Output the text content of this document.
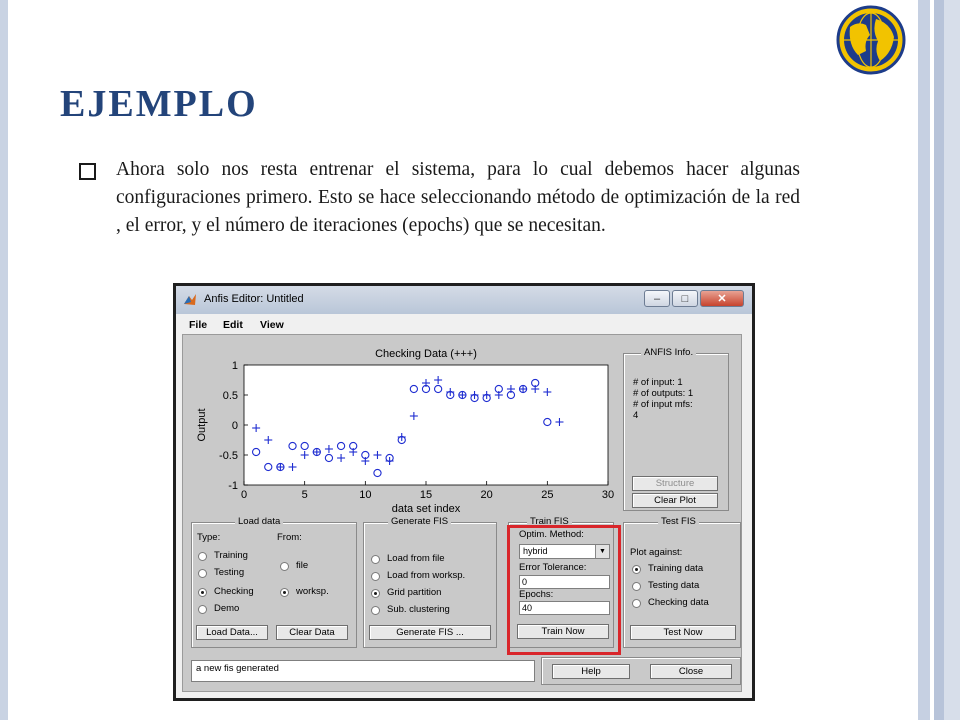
EJEMPLO
Ahora solo nos resta entrenar el sistema, para lo cual debemos hacer algunas configuraciones primero. Esto se hace seleccionando método de optimización de la red , el error, y el número de iteraciones (epochs) que se necesitan.
Anfis Editor: Untitled	–	□	✕
File Edit View
Checking Data (+++)
1
0.5
0
-0.5
-1
0	5	10	15	20	25	30
data set index
Output
ANFIS Info.
# of input: 1
# of outputs: 1
# of input mfs:
4
Structure
Clear Plot
Load data
Type:	From:
Training
Testing
Checking
Demo
file
worksp.
Load Data...	Clear Data
Generate FIS
Load from file
Load from worksp.
Grid partition
Sub. clustering
Generate FIS ...
Train FIS
Optim. Method:
hybrid	▼
Error Tolerance:
0
Epochs:
40
Train Now
Test FIS
Plot against:
Training data
Testing data
Checking data
Test Now
a new fis generated	Help	Close
